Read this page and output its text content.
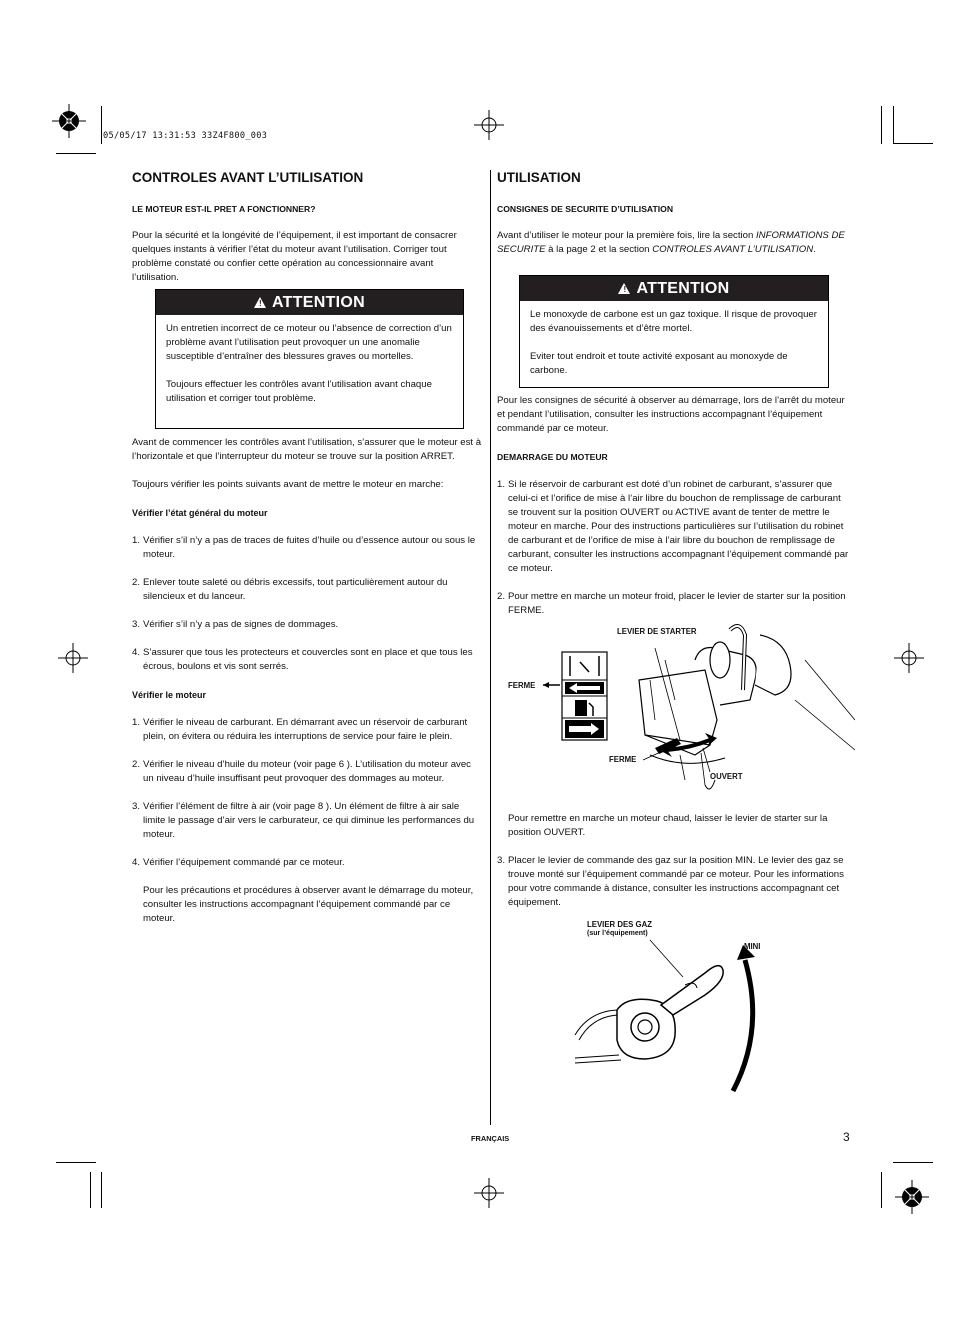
05/05/17 13:31:53 33Z4F800_003
CONTROLES AVANT L’UTILISATION
LE MOTEUR EST-IL PRET A FONCTIONNER?

Pour la sécurité et la longévité de l’équipement, il est important de consacrer quelques instants à vérifier l’état du moteur avant l’utilisation. Corriger tout problème constaté ou confier cette opération au concessionnaire avant l’utilisation.

! ATTENTION

Un entretien incorrect de ce moteur ou l’absence de correction d’un problème avant l’utilisation peut provoquer un une anomalie susceptible d’entraîner des blessures graves ou mortelles.

Toujours effectuer les contrôles avant l’utilisation avant chaque utilisation et corriger tout problème.

Avant de commencer les contrôles avant l’utilisation, s’assurer que le moteur est à l’horizontale et que l’interrupteur du moteur se trouve sur la position ARRET.

Toujours vérifier les points suivants avant de mettre le moteur en marche:

Vérifier l’état général du moteur
1. Vérifier s’il n’y a pas de traces de fuites d’huile ou d’essence autour ou sous le moteur.
2. Enlever toute saleté ou débris excessifs, tout particulièrement autour du silencieux et du lanceur.
3. Vérifier s’il n’y a pas de signes de dommages.
4. S’assurer que tous les protecteurs et couvercles sont en place et que tous les écrous, boulons et vis sont serrés.
Vérifier le moteur
1. Vérifier le niveau de carburant. En démarrant avec un réservoir de carburant plein, on évitera ou réduira les interruptions de service pour faire le plein.
2. Vérifier le niveau d’huile du moteur (voir page 6 ). L’utilisation du moteur avec un niveau d’huile insuffisant peut provoquer des dommages au moteur.
3. Vérifier l’élément de filtre à air (voir page 8 ). Un élément de filtre à air sale limite le passage d’air vers le carburateur, ce qui diminue les performances du moteur.
4. Vérifier l’équipement commandé par ce moteur.

Pour les précautions et procédures à observer avant le démarrage du moteur, consulter les instructions accompagnant l’équipement commandé par ce moteur.

UTILISATION
CONSIGNES DE SECURITE D’UTILISATION

Avant d’utiliser le moteur pour la première fois, lire la section INFORMATIONS DE SECURITE à la page 2 et la section CONTROLES AVANT L’UTILISATION.

! ATTENTION

Le monoxyde de carbone est un gaz toxique. Il risque de provoquer des évanouissements et d’être mortel.

Eviter tout endroit et toute activité exposant au monoxyde de carbone.

Pour les consignes de sécurité à observer au démarrage, lors de l’arrêt du moteur et pendant l’utilisation, consulter les instructions accompagnant l’équipement commandé par ce moteur.

DEMARRAGE DU MOTEUR
1. Si le réservoir de carburant est doté d’un robinet de carburant, s’assurer que celui-ci et l’orifice de mise à l’air libre du bouchon de remplissage de carburant se trouvent sur la position OUVERT ou ACTIVE avant de tenter de mettre le moteur en marche. Pour des instructions particulières sur l’utilisation du robinet de carburant et de l’orifice de mise à l’air libre du bouchon de remplissage de carburant, consulter les instructions accompagnant l’équipement commandé par ce moteur.
2. Pour mettre en marche un moteur froid, placer le levier de starter sur la position FERME.
LEVIER DE STARTER
FERME
FERME
OUVERT

Pour remettre en marche un moteur chaud, laisser le levier de starter sur la position OUVERT.

3. Placer le levier de commande des gaz sur la position MIN. Le levier des gaz se trouve monté sur l’équipement commandé par ce moteur. Pour les informations pour votre commande à distance, consulter les instructions accompagnant cet équipement.
LEVIER DES GAZ
(sur l’équipement)
MINI
FRANÇAIS	3
